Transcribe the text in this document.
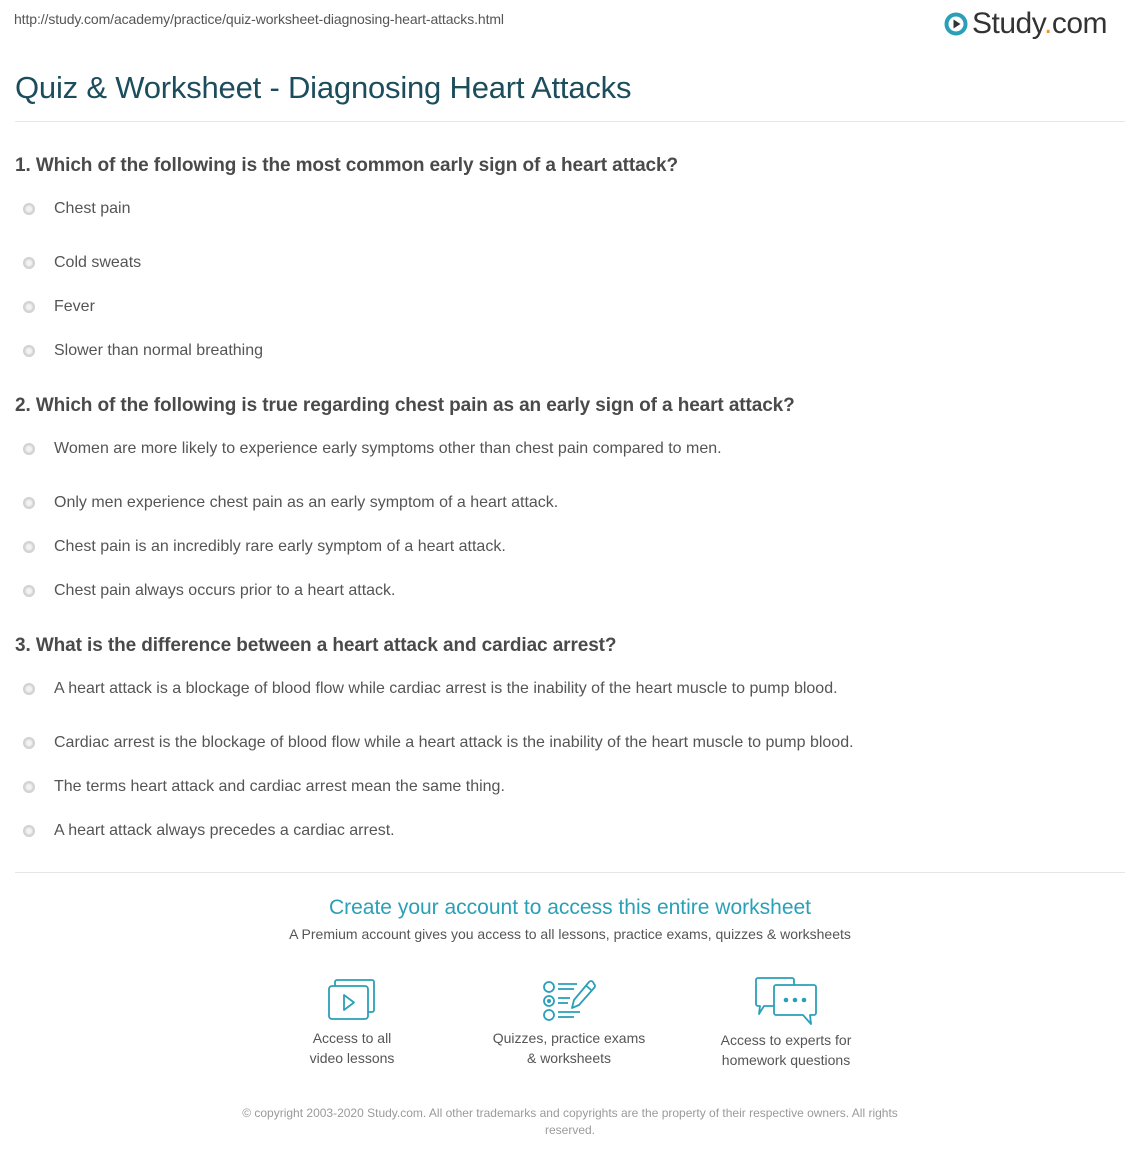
http://study.com/academy/practice/quiz-worksheet-diagnosing-heart-attacks.html	Study.com
Quiz & Worksheet - Diagnosing Heart Attacks
1. Which of the following is the most common early sign of a heart attack?
Chest pain
Cold sweats
Fever
Slower than normal breathing
2. Which of the following is true regarding chest pain as an early sign of a heart attack?
Women are more likely to experience early symptoms other than chest pain compared to men.
Only men experience chest pain as an early symptom of a heart attack.
Chest pain is an incredibly rare early symptom of a heart attack.
Chest pain always occurs prior to a heart attack.
3. What is the difference between a heart attack and cardiac arrest?
A heart attack is a blockage of blood flow while cardiac arrest is the inability of the heart muscle to pump blood.
Cardiac arrest is the blockage of blood flow while a heart attack is the inability of the heart muscle to pump blood.
The terms heart attack and cardiac arrest mean the same thing.
A heart attack always precedes a cardiac arrest.
Create your account to access this entire worksheet
A Premium account gives you access to all lessons, practice exams, quizzes & worksheets
Access to all
video lessons
Quizzes, practice exams
& worksheets
Access to experts for
homework questions
© copyright 2003-2020 Study.com. All other trademarks and copyrights are the property of their respective owners. All rights
reserved.
